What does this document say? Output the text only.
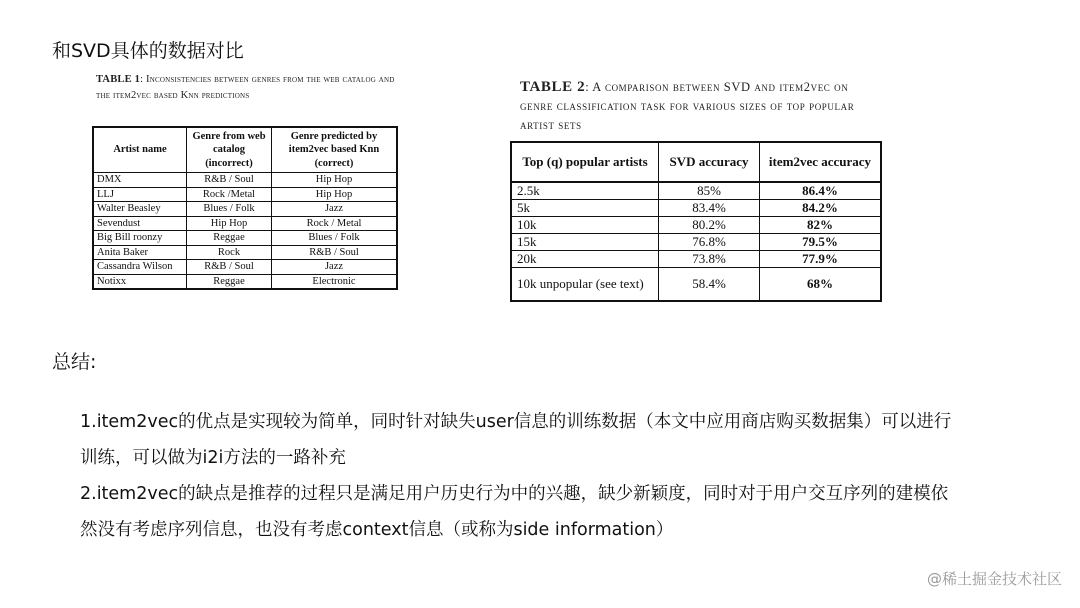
和SVD具体的数据对比
TABLE 1: Inconsistencies between genres from the web catalog and the item2vec based Knn predictions
Artist name	Genre from web catalog (incorrect)	Genre predicted by item2vec based Knn (correct)
DMX	R&B / Soul	Hip Hop
LLJ	Rock /Metal	Hip Hop
Walter Beasley	Blues / Folk	Jazz
Sevendust	Hip Hop	Rock / Metal
Big Bill roonzy	Reggae	Blues / Folk
Anita Baker	Rock	R&B / Soul
Cassandra Wilson	R&B / Soul	Jazz
Notixx	Reggae	Electronic
TABLE 2: A comparison between SVD and item2vec on genre classification task for various sizes of top popular artist sets
Top (q) popular artists	SVD accuracy	item2vec accuracy
2.5k	85%	86.4%
5k	83.4%	84.2%
10k	80.2%	82%
15k	76.8%	79.5%
20k	73.8%	77.9%
10k unpopular (see text)	58.4%	68%
总结:

1.item2vec的优点是实现较为简单，同时针对缺失user信息的训练数据（本文中应用商店购买数据集）可以进行训练，可以做为i2i方法的一路补充

2.item2vec的缺点是推荐的过程只是满足用户历史行为中的兴趣，缺少新颖度，同时对于用户交互序列的建模依然没有考虑序列信息，也没有考虑context信息（或称为side information）

@稀土掘金技术社区
